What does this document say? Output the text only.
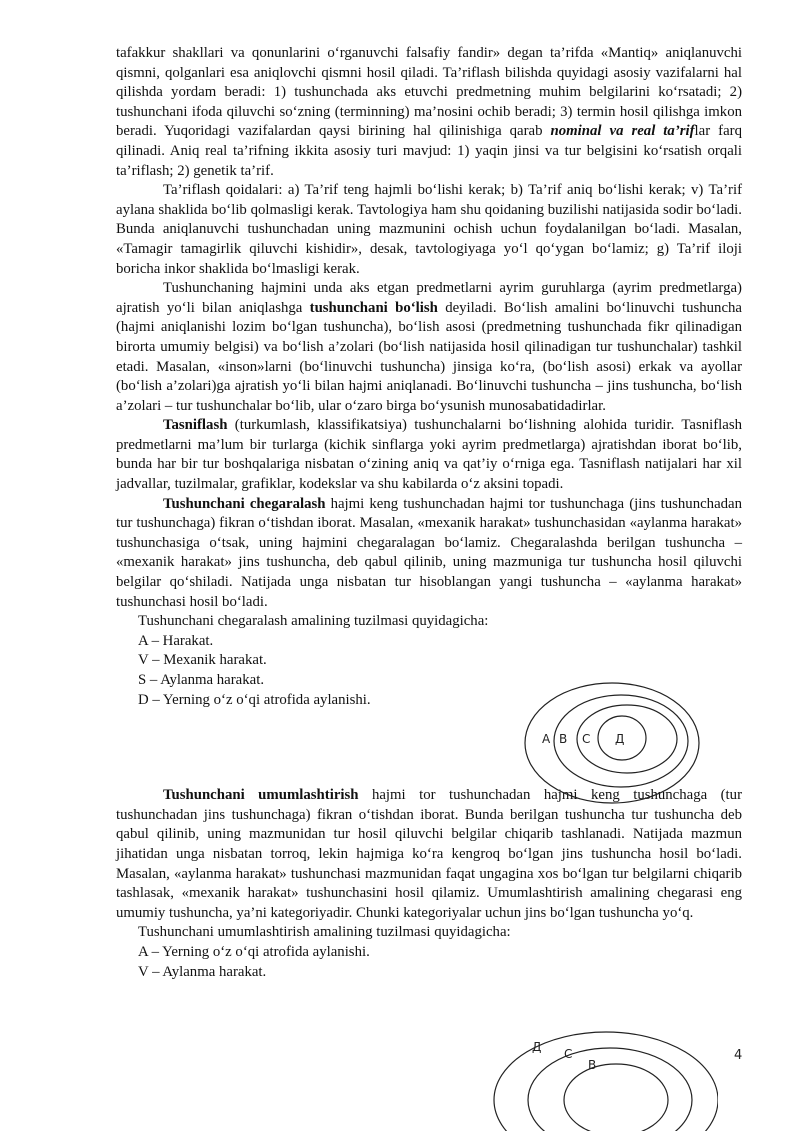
tafakkur shakllari va qonunlarini o‘rganuvchi falsafiy fandir» degan ta’rifda «Mantiq» aniqlanuvchi qismni, qolganlari esa aniqlovchi qismni hosil qiladi. Ta’riflash bilishda quyidagi asosiy vazifalarni hal qilishda yordam beradi: 1) tushunchada aks etuvchi predmetning muhim belgilarini ko‘rsatadi; 2) tushunchani ifoda qiluvchi so‘zning (terminning) ma’nosini ochib beradi; 3) termin hosil qilishga imkon beradi. Yuqoridagi vazifalardan qaysi birining hal qilinishiga qarab nominal va real ta’riflar farq qilinadi. Aniq real ta’rifning ikkita asosiy turi mavjud: 1) yaqin jinsi va tur belgisini ko‘rsatish orqali ta’riflash; 2) genetik ta’rif.

Ta’riflash qoidalari: a) Ta’rif teng hajmli bo‘lishi kerak; b) Ta’rif aniq bo‘lishi kerak; v) Ta’rif aylana shaklida bo‘lib qolmasligi kerak. Tavtologiya ham shu qoidaning buzilishi natijasida sodir bo‘ladi. Bunda aniqlanuvchi tushunchadan uning mazmunini ochish uchun foydalanilgan bo‘ladi. Masalan, «Tamagir tamagirlik qiluvchi kishidir», desak, tavtologiyaga yo‘l qo‘ygan bo‘lamiz; g) Ta’rif iloji boricha inkor shaklida bo‘lmasligi kerak.

Tushunchaning hajmini unda aks etgan predmetlarni ayrim guruhlarga (ayrim predmetlarga) ajratish yo‘li bilan aniqlashga tushunchani bo‘lish deyiladi. Bo‘lish amalini bo‘linuvchi tushuncha (hajmi aniqlanishi lozim bo‘lgan tushuncha), bo‘lish asosi (predmetning tushunchada fikr qilinadigan birorta umumiy belgisi) va bo‘lish a’zolari (bo‘lish natijasida hosil qilinadigan tur tushunchalar) tashkil etadi. Masalan, «inson»larni (bo‘linuvchi tushuncha) jinsiga ko‘ra, (bo‘lish asosi) erkak va ayollar (bo‘lish a’zolari)ga ajratish yo‘li bilan hajmi aniqlanadi. Bo‘linuvchi tushuncha – jins tushuncha, bo‘lish a’zolari – tur tushunchalar bo‘lib, ular o‘zaro birga bo‘ysunish munosabatidadirlar.

Tasniflash (turkumlash, klassifikatsiya) tushunchalarni bo‘lishning alohida turidir. Tasniflash predmetlarni ma’lum bir turlarga (kichik sinflarga yoki ayrim predmetlarga) ajratishdan iborat bo‘lib, bunda har bir tur boshqalariga nisbatan o‘zining aniq va qat’iy o‘rniga ega. Tasniflash natijalari har xil jadvallar, tuzilmalar, grafiklar, kodekslar va shu kabilarda o‘z aksini topadi.

Tushunchani chegaralash hajmi keng tushunchadan hajmi tor tushunchaga (jins tushunchadan tur tushunchaga) fikran o‘tishdan iborat. Masalan, «mexanik harakat» tushunchasidan «aylanma harakat» tushunchasiga o‘tsak, uning hajmini chegaralagan bo‘lamiz. Chegaralashda berilgan tushuncha – «mexanik harakat» jins tushuncha, deb qabul qilinib, uning mazmuniga tur tushuncha hosil qiluvchi belgilar qo‘shiladi. Natijada unga nisbatan tur hisoblangan yangi tushuncha – «aylanma harakat» tushunchasi hosil bo‘ladi.

Tushunchani chegaralash amalining tuzilmasi quyidagicha:

A – Harakat.

V – Mexanik harakat.

S – Aylanma harakat.

D – Yerning o‘z o‘qi atrofida aylanishi.

Tushunchani umumlashtirish hajmi tor tushunchadan hajmi keng tushunchaga (tur tushunchadan jins tushunchaga) fikran o‘tishdan iborat. Bunda berilgan tushuncha tur tushuncha deb qabul qilinib, uning mazmunidan tur hosil qiluvchi belgilar chiqarib tashlanadi. Natijada mazmun jihatidan unga nisbatan torroq, lekin hajmiga ko‘ra kengroq bo‘lgan jins tushuncha hosil bo‘ladi. Masalan, «aylanma harakat» tushunchasi mazmunidan faqat ungagina xos bo‘lgan tur belgilarni chiqarib tashlasak, «mexanik harakat» tushunchasini hosil qilamiz. Umumlashtirish amalining chegarasi eng umumiy tushuncha, ya’ni kategoriyadir. Chunki kategoriyalar uchun jins bo‘lgan tushuncha yo‘q.

Tushunchani umumlashtirish amalining tuzilmasi quyidagicha:

A – Yerning o‘z o‘qi atrofida aylanishi.

V – Aylanma harakat.

А В С Д
Д С
В
4
